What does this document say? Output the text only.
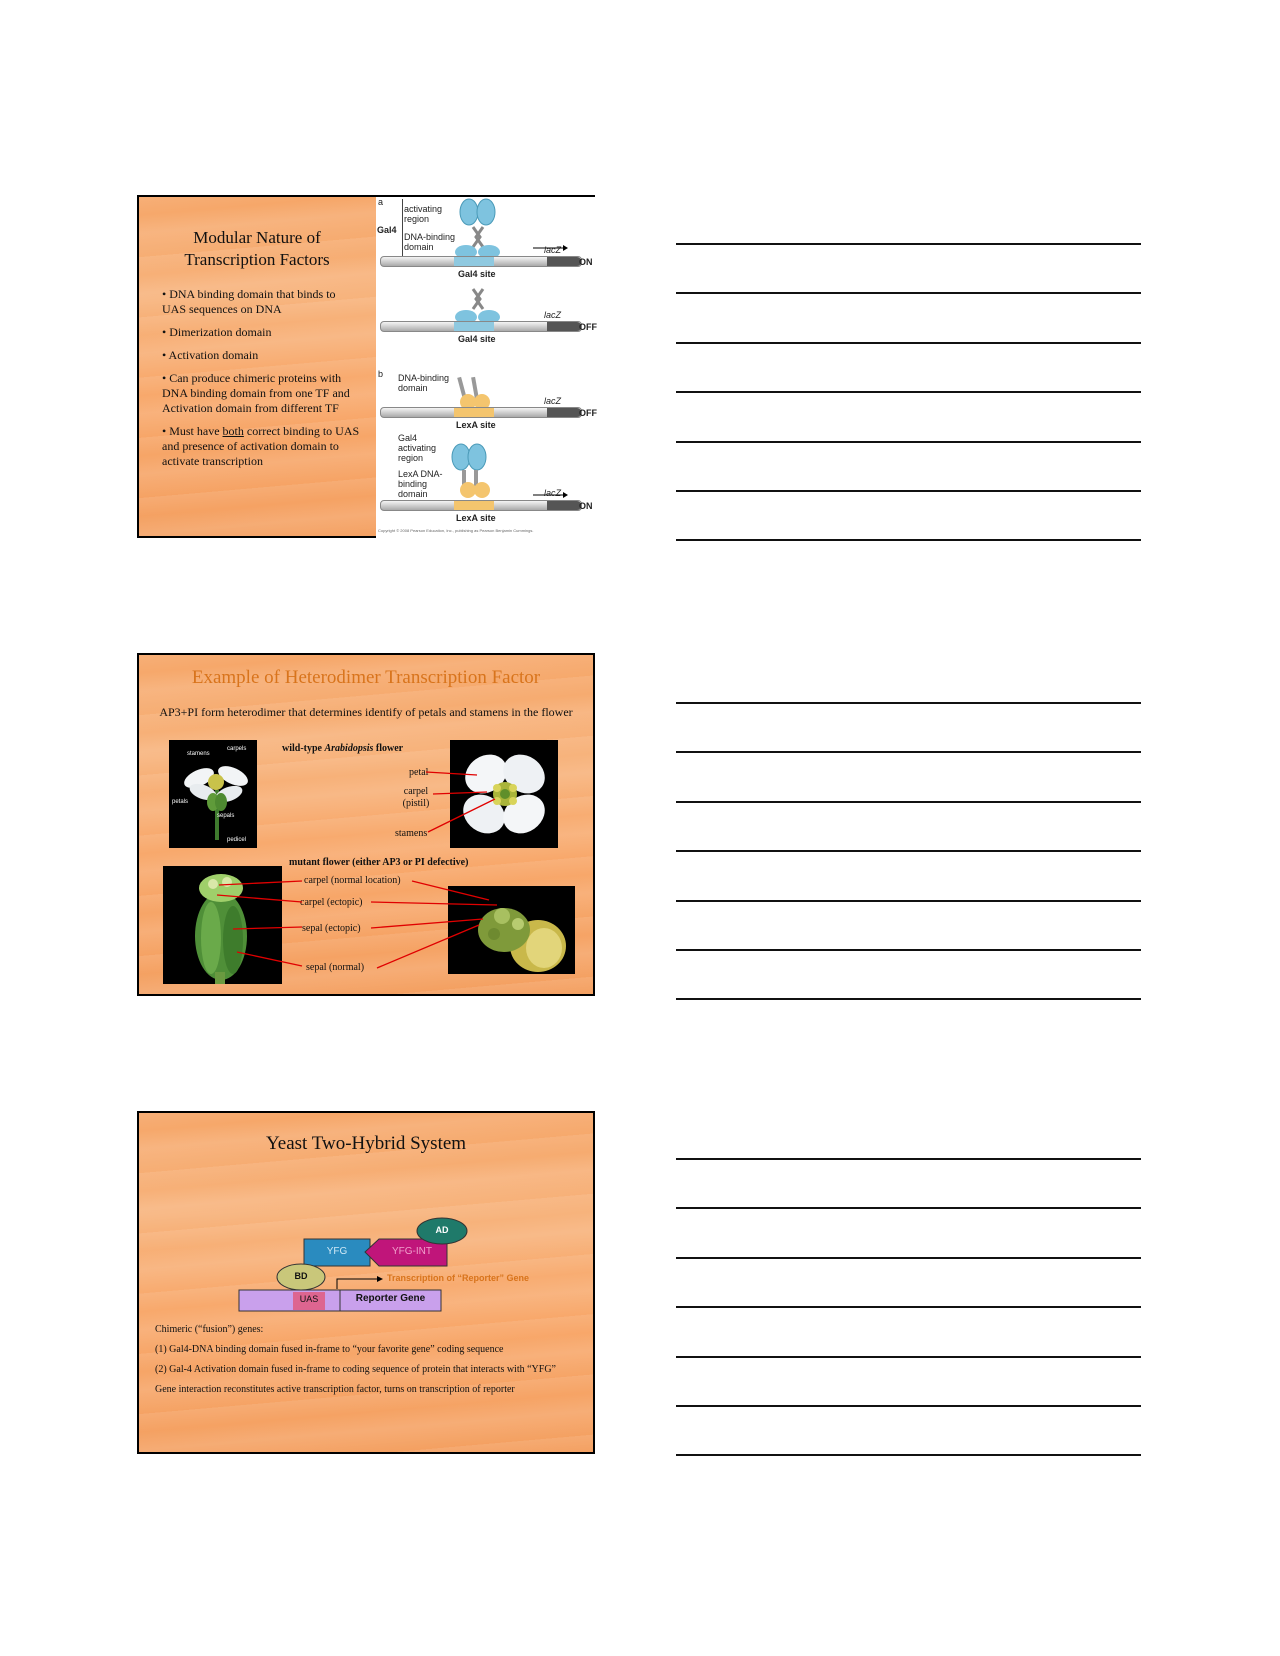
Modular Nature of
Transcription Factors

• DNA binding domain that binds to UAS sequences on DNA

• Dimerization domain

• Activation domain

• Can produce chimeric proteins with DNA binding domain from one TF and Activation domain from different TF

• Must have both correct binding to UAS and presence of activation domain to activate transcription

a
Gal4
activating region
DNA-binding domain	lacZ
ON
Gal4 site
lacZ
OFF
Gal4 site
b DNA-binding domain
lacZ
OFF
LexA site
Gal4 activating region
LexA DNA- binding domain	lacZ
ON
LexA site
Copyright © 2008 Pearson Education, Inc., publishing as Pearson Benjamin Cummings.
Example of Heterodimer Transcription Factor
AP3+PI form heterodimer that determines identify of petals and stamens in the flower
stamens
carpels
petals
sepals
pedicel
wild-type Arabidopsis flower
petal
carpel (pistil)
stamens
mutant flower (either AP3 or PI defective)
carpel (normal location)
carpel (ectopic)
sepal (ectopic)
sepal (normal)
Yeast Two-Hybrid System
AD
YFG	YFG-INT
BD
UAS	Reporter Gene
Transcription of “Reporter” Gene

Chimeric (“fusion”) genes:

(1) Gal4-DNA binding domain fused in-frame to “your favorite gene” coding sequence

(2) Gal-4 Activation domain fused in-frame to coding sequence of protein that interacts with “YFG”

Gene interaction reconstitutes active transcription factor, turns on transcription of reporter
